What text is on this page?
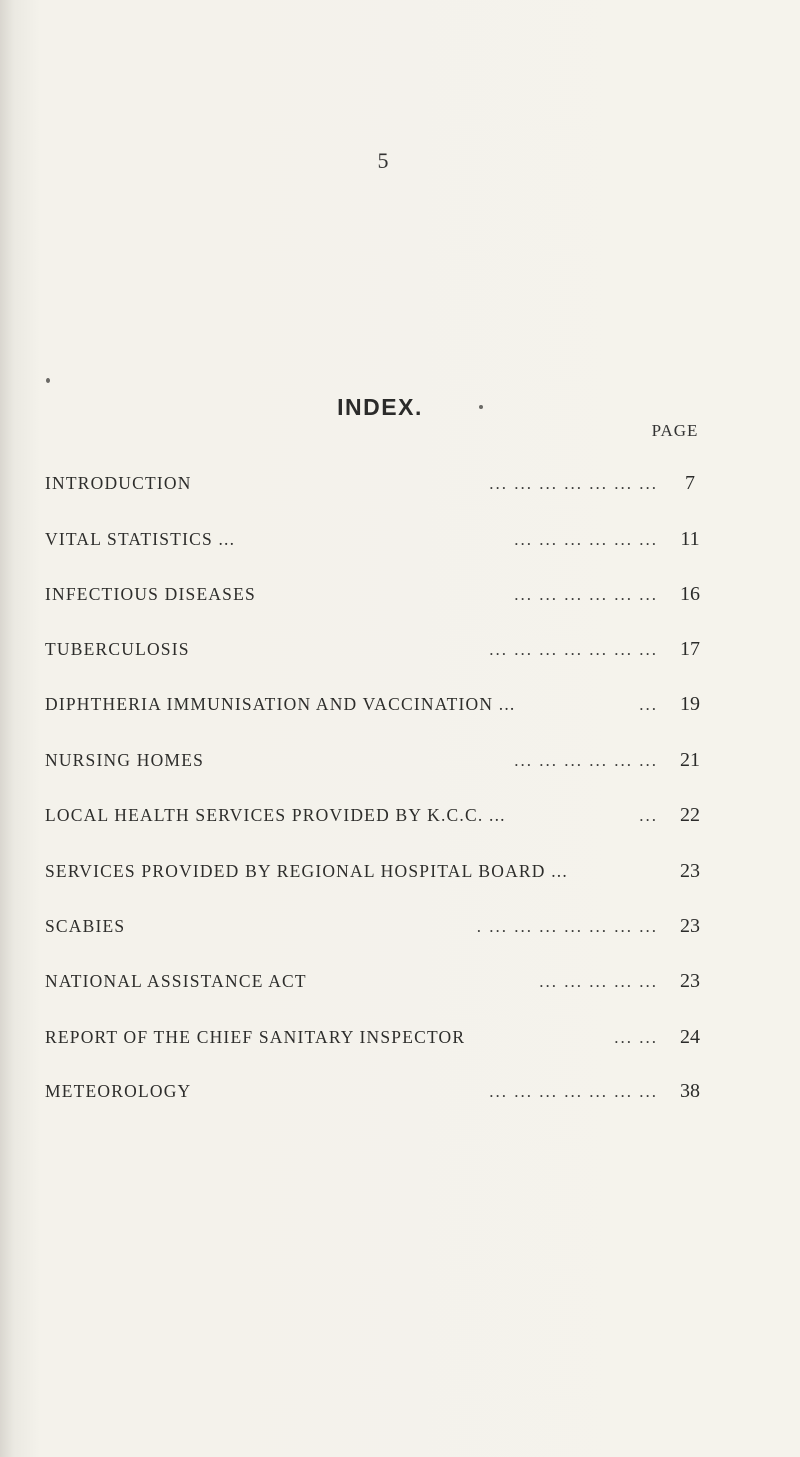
5
INDEX.
PAGE
INTRODUCTION	... ... ... ... ... ... ...	7
VITAL STATISTICS ...	... ... ... ... ... ...	11
INFECTIOUS DISEASES	... ... ... ... ... ...	16
TUBERCULOSIS	... ... ... ... ... ... ...	17
DIPHTHERIA IMMUNISATION AND VACCINATION ...	...	19
NURSING HOMES	... ... ... ... ... ...	21
LOCAL HEALTH SERVICES PROVIDED BY K.C.C. ...	...	22
SERVICES PROVIDED BY REGIONAL HOSPITAL BOARD ...	23
SCABIES	. ... ... ... ... ... ... ...	23
NATIONAL ASSISTANCE ACT	... ... ... ... ...	23
REPORT OF THE CHIEF SANITARY INSPECTOR	... ...	24
METEOROLOGY	... ... ... ... ... ... ...	38
